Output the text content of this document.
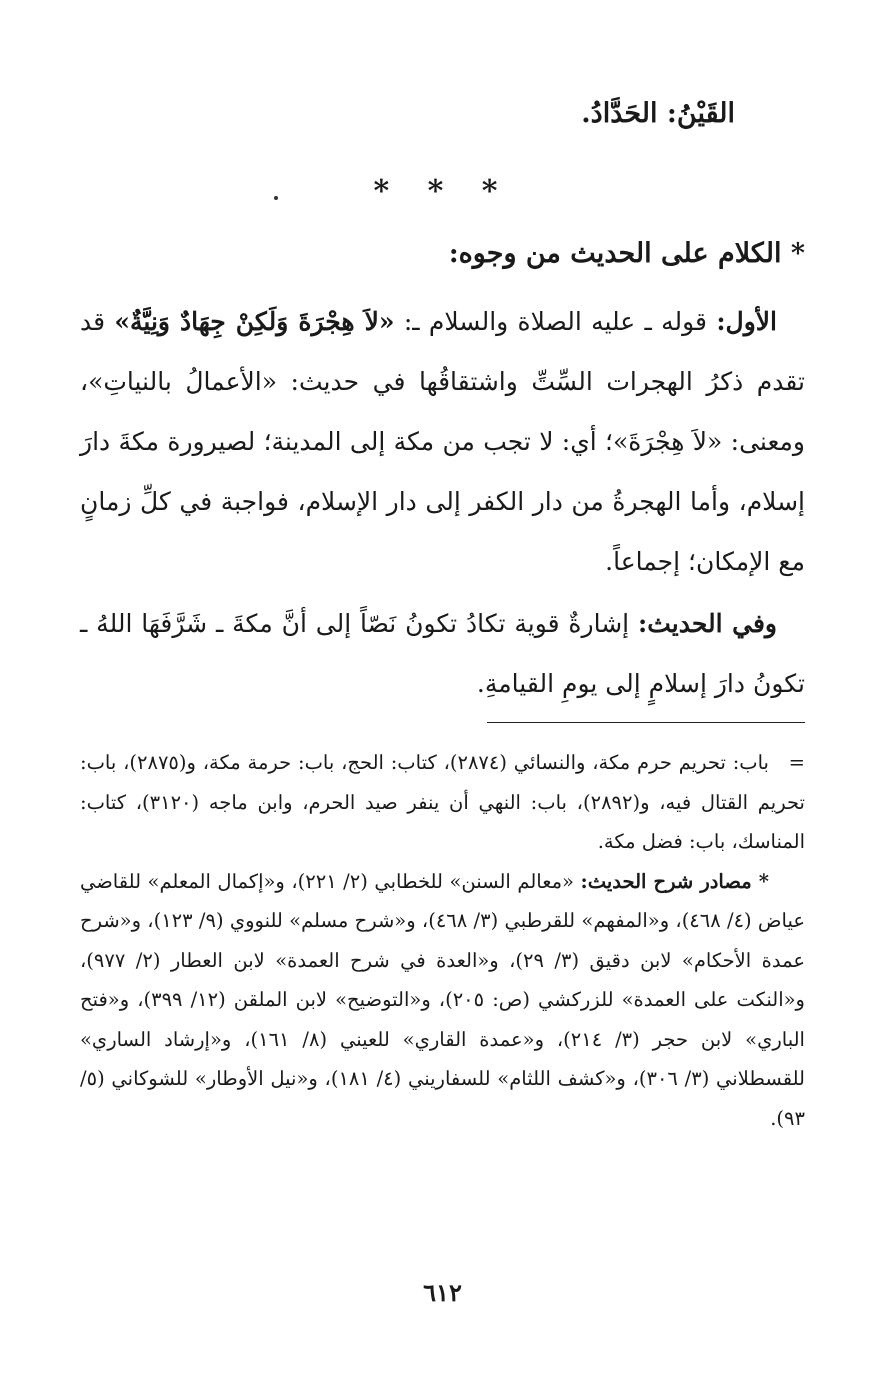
القَيْنُ: الحَدَّادُ.
* * *
* الكلام على الحديث من وجوه:

الأول: قوله ـ عليه الصلاة والسلام ـ: «لاَ هِجْرَةَ وَلَكِنْ جِهَادٌ وَنِيَّةٌ» قد تقدم ذكرُ الهجرات السِّتِّ واشتقاقُها في حديث: «الأعمالُ بالنياتِ»، ومعنى: «لاَ هِجْرَةَ»؛ أي: لا تجب من مكة إلى المدينة؛ لصيرورة مكةَ دارَ إسلام، وأما الهجرةُ من دار الكفر إلى دار الإسلام، فواجبة في كلِّ زمانٍ مع الإمكان؛ إجماعاً.

وفي الحديث: إشارةٌ قوية تكادُ تكونُ نَصّاً إلى أنَّ مكةَ ـ شَرَّفَهَا اللهُ ـ تكونُ دارَ إسلامٍ إلى يومِ القيامةِ.

=باب: تحريم حرم مكة، والنسائي (٢٨٧٤)، كتاب: الحج، باب: حرمة مكة، و(٢٨٧٥)، باب: تحريم القتال فيه، و(٢٨٩٢)، باب: النهي أن ينفر صيد الحرم، وابن ماجه (٣١٢٠)، كتاب: المناسك، باب: فضل مكة.

* مصادر شرح الحديث: «معالم السنن» للخطابي (٢/ ٢٢١)، و«إكمال المعلم» للقاضي عياض (٤/ ٤٦٨)، و«المفهم» للقرطبي (٣/ ٤٦٨)، و«شرح مسلم» للنووي (٩/ ١٢٣)، و«شرح عمدة الأحكام» لابن دقيق (٣/ ٢٩)، و«العدة في شرح العمدة» لابن العطار (٢/ ٩٧٧)، و«النكت على العمدة» للزركشي (ص: ٢٠٥)، و«التوضيح» لابن الملقن (١٢/ ٣٩٩)، و«فتح الباري» لابن حجر (٣/ ٢١٤)، و«عمدة القاري» للعيني (٨/ ١٦١)، و«إرشاد الساري» للقسطلاني (٣/ ٣٠٦)، و«كشف اللثام» للسفاريني (٤/ ١٨١)، و«نيل الأوطار» للشوكاني (٥/ ٩٣).

٦١٢
